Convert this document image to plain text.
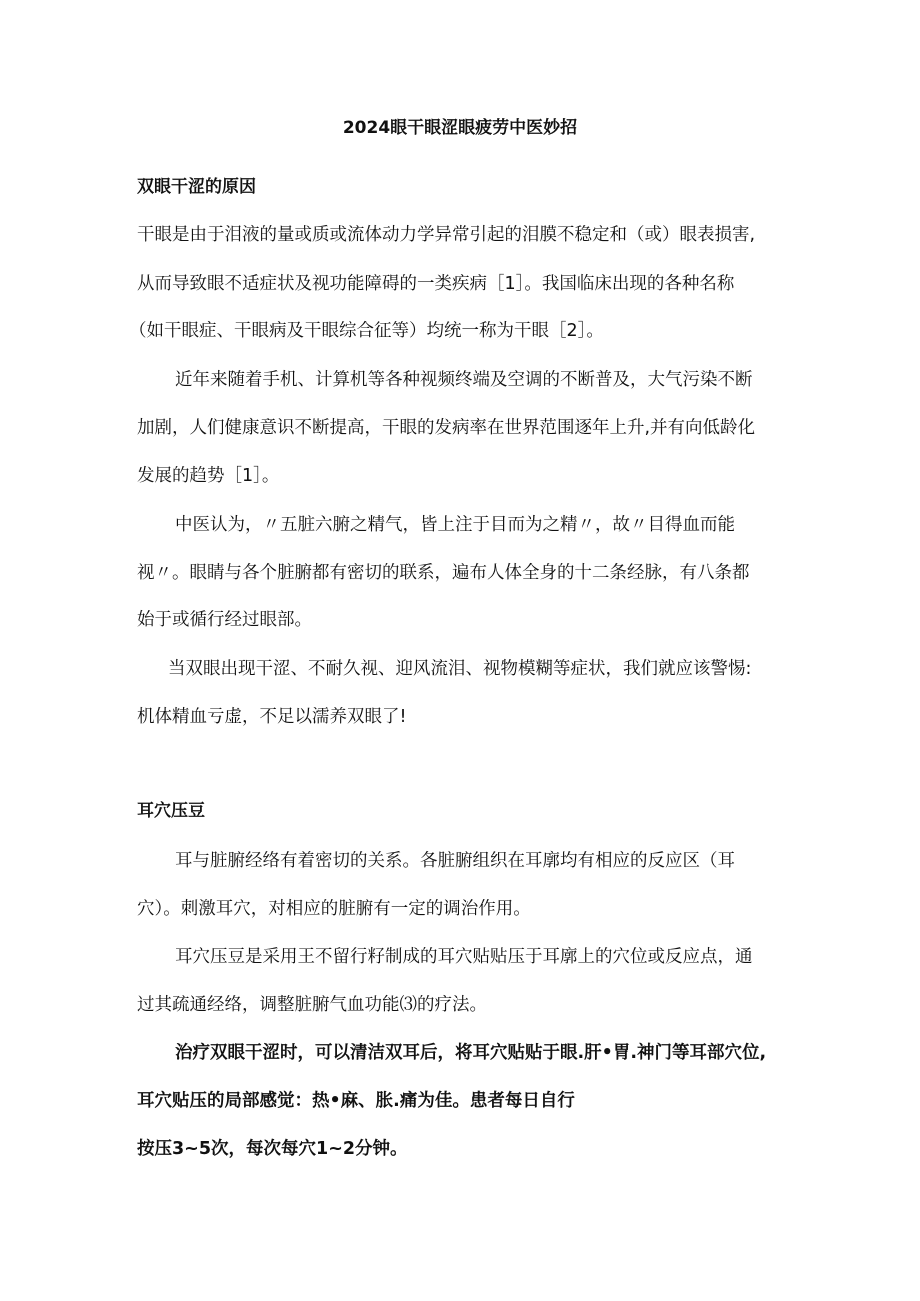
2024眼干眼涩眼疲劳中医妙招
双眼干涩的原因
干眼是由于泪液的量或质或流体动力学异常引起的泪膜不稳定和（或）眼表损害,
从而导致眼不适症状及视功能障碍的一类疾病［1］。我国临床出现的各种名称
（如干眼症、干眼病及干眼综合征等）均统一称为干眼［2］。
近年来随着手机、计算机等各种视频终端及空调的不断普及，大气污染不断
加剧，人们健康意识不断提高，干眼的发病率在世界范围逐年上升,并有向低龄化
发展的趋势［1］。
中医认为，〃五脏六腑之精气，皆上注于目而为之精〃，故〃目得血而能
视〃。眼睛与各个脏腑都有密切的联系，遍布人体全身的十二条经脉，有八条都
始于或循行经过眼部。
当双眼出现干涩、不耐久视、迎风流泪、视物模糊等症状，我们就应该警惕:
机体精血亏虚，不足以濡养双眼了!
耳穴压豆
耳与脏腑经络有着密切的关系。各脏腑组织在耳廓均有相应的反应区（耳
穴）。刺激耳穴，对相应的脏腑有一定的调治作用。
耳穴压豆是采用王不留行籽制成的耳穴贴贴压于耳廓上的穴位或反应点，通
过其疏通经络，调整脏腑气血功能⑶的疗法。
治疗双眼干涩时，可以清洁双耳后，将耳穴贴贴于眼.肝•胃.神门等耳部穴位,
耳穴贴压的局部感觉：热•麻、胀.痛为佳。患者每日自行
按压3~5次，每次每穴1~2分钟。
